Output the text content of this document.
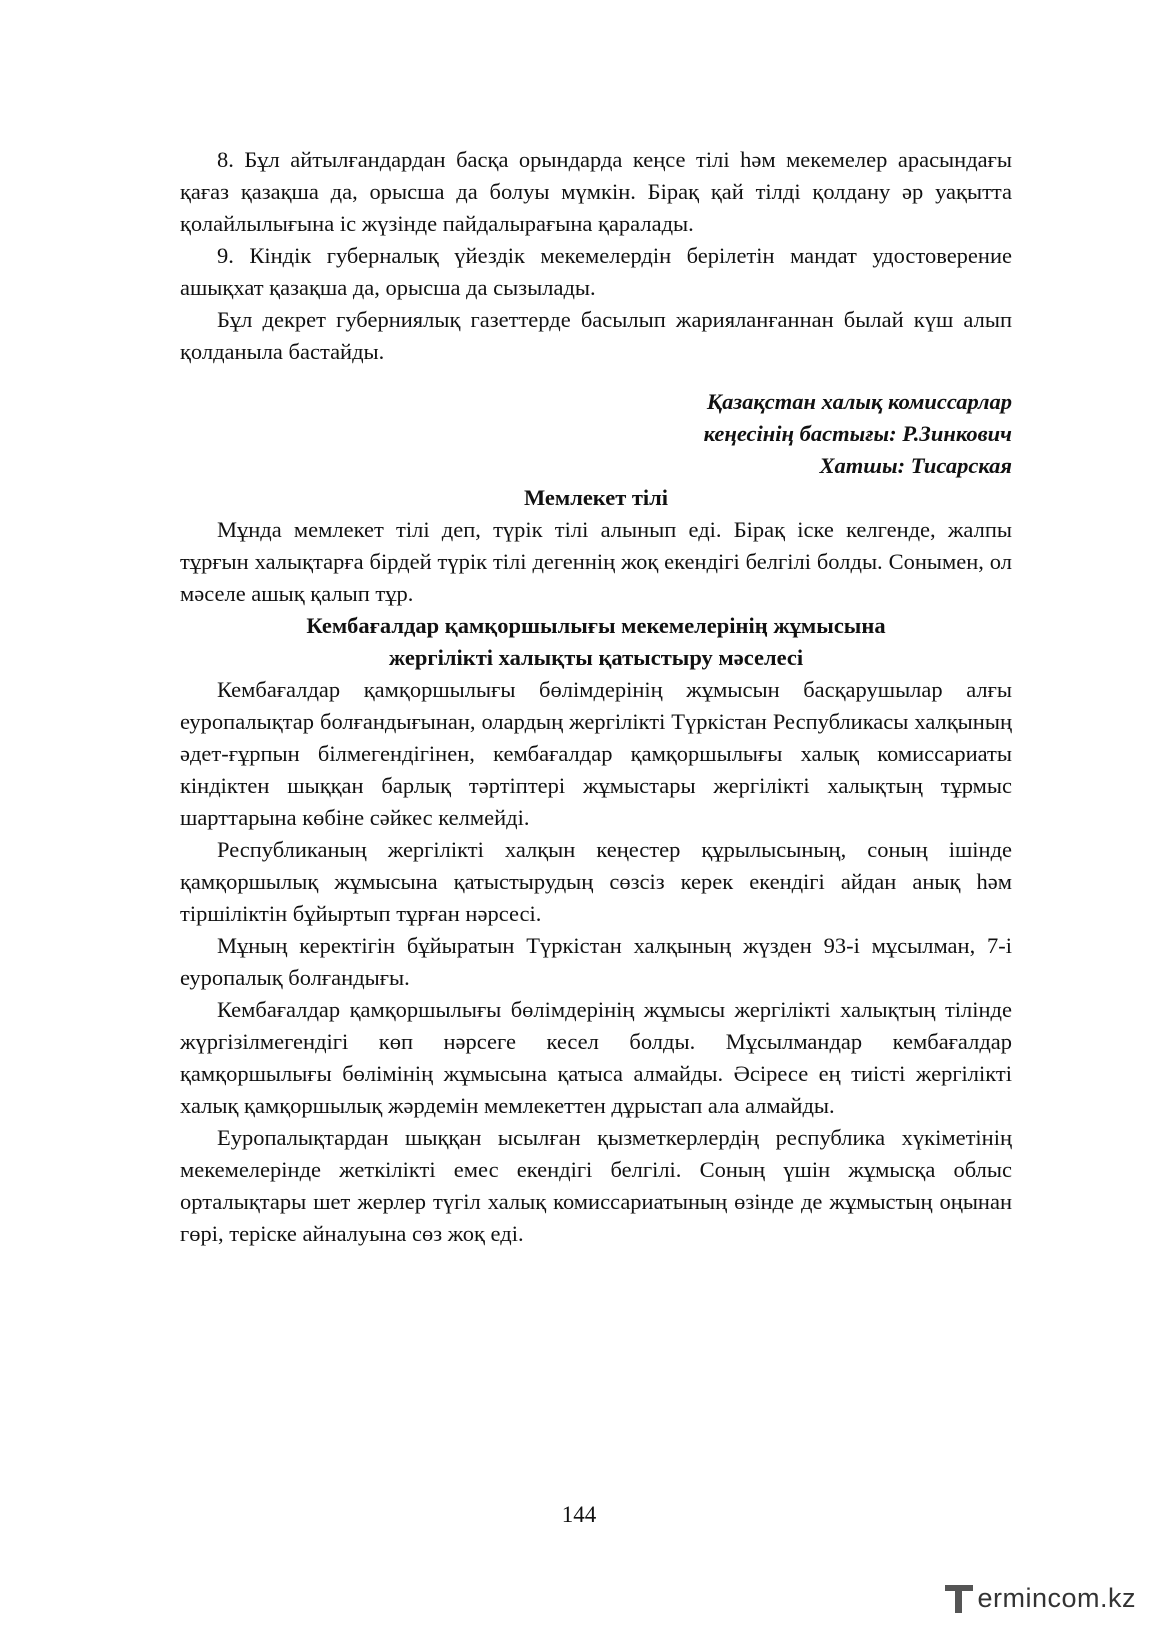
8. Бұл айтылғандардан басқа орындарда кеңсе тілі һәм мекемелер арасындағы қағаз қазақша да, орысша да болуы мүмкін. Бірақ қай тілді қолдану әр уақытта қолайлылығына іс жүзінде пайдалырағына қаралады.

9. Кіндік губерналық үйездік мекемелердін берілетін мандат удостоверение ашықхат қазақша да, орысша да сызылады.

Бұл декрет губерниялық газеттерде басылып жарияланғаннан былай күш алып қолданыла бастайды.

Қазақстан халық комиссарлар
кеңесінің бастығы: Р.Зинкович
Хатшы: Тисарская
Мемлекет тілі

Мұнда мемлекет тілі деп, түрік тілі алынып еді. Бірақ іске келгенде, жалпы тұрғын халықтарға бірдей түрік тілі дегеннің жоқ екендігі белгілі болды. Сонымен, ол мәселе ашық қалып тұр.

Кембағалдар қамқоршылығы мекемелерінің жұмысына
жергілікті халықты қатыстыру мәселесі

Кембағалдар қамқоршылығы бөлімдерінің жұмысын басқарушылар алғы еуропалықтар болғандығынан, олардың жергілікті Түркістан Республикасы халқының әдет-ғұрпын білмегендігінен, кембағалдар қамқоршылығы халық комиссариаты кіндіктен шыққан барлық тәртіптері жұмыстары жергілікті халықтың тұрмыс шарттарына көбіне сәйкес келмейді.

Республиканың жергілікті халқын кеңестер құрылысының, соның ішінде қамқоршылық жұмысына қатыстырудың сөзсіз керек екендігі айдан анық һәм тіршіліктін бұйыртып тұрған нәрсесі.

Мұның керектігін бұйыратын Түркістан халқының жүзден 93-і мұсылман, 7-і еуропалық болғандығы.

Кембағалдар қамқоршылығы бөлімдерінің жұмысы жергілікті халықтың тілінде жүргізілмегендігі көп нәрсеге кесел болды. Мұсылмандар кембағалдар қамқоршылығы бөлімінің жұмысына қатыса алмайды. Әсіресе ең тиісті жергілікті халық қамқоршылық жәрдемін мемлекеттен дұрыстап ала алмайды.

Еуропалықтардан шыққан ысылған қызметкерлердің республика хүкіметінің мекемелерінде жеткілікті емес екендігі белгілі. Соның үшін жұмысқа облыс орталықтары шет жерлер түгіл халық комиссариатының өзінде де жұмыстың оңынан гөрі, теріске айналуына сөз жоқ еді.

144
ermincom .kz
